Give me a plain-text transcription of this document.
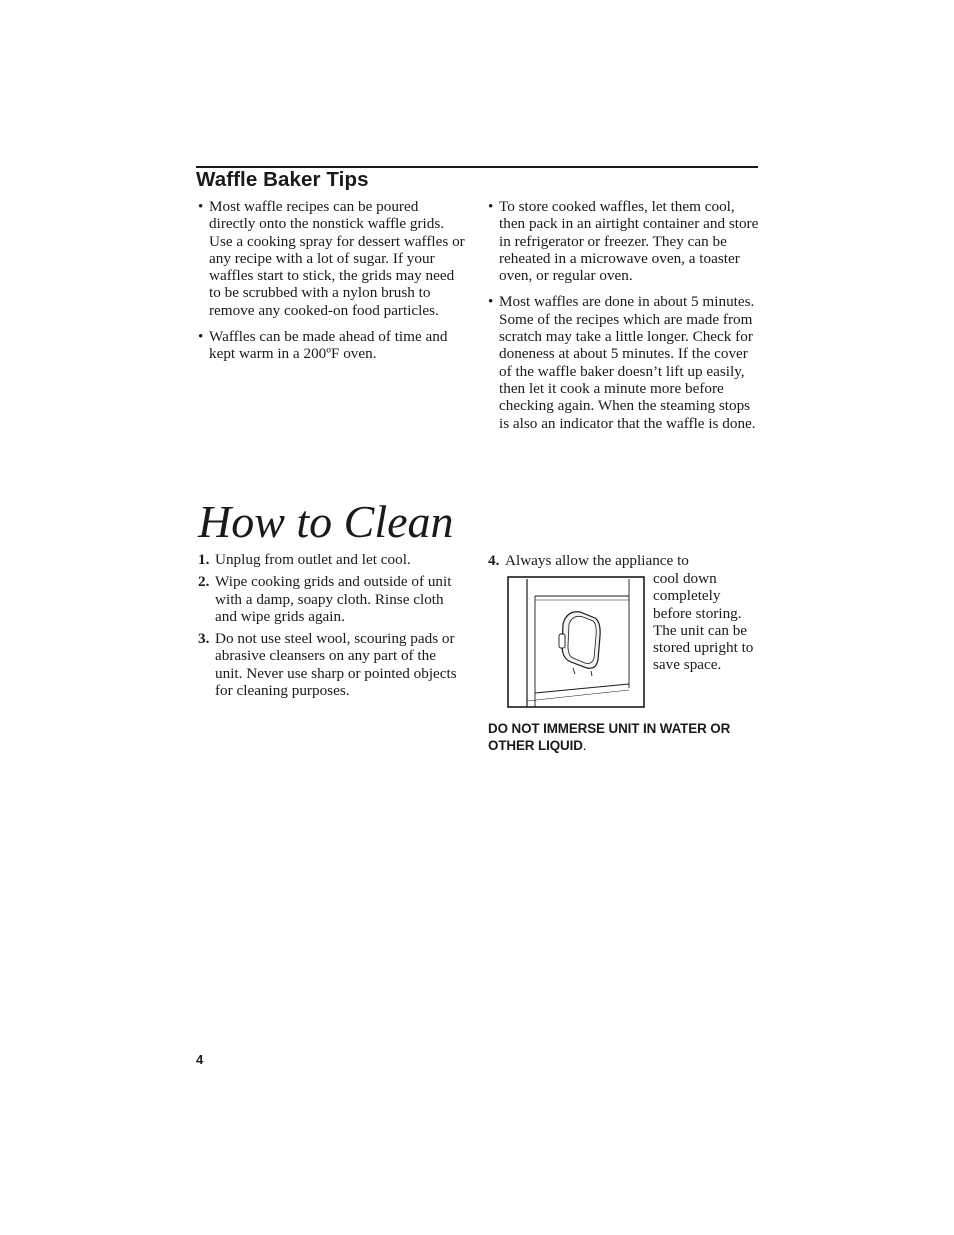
Waffle Baker Tips
• Most waffle recipes can be poured directly onto the nonstick waffle grids. Use a cooking spray for dessert waffles or any recipe with a lot of sugar. If your waffles start to stick, the grids may need to be scrubbed with a nylon brush to remove any cooked-on food particles.
• Waffles can be made ahead of time and kept warm in a 200ºF oven.
• To store cooked waffles, let them cool, then pack in an airtight container and store in refrigerator or freezer. They can be reheated in a microwave oven, a toaster oven, or regular oven.
• Most waffles are done in about 5 minutes. Some of the recipes which are made from scratch may take a little longer. Check for doneness at about 5 minutes. If the cover of the waffle baker doesn’t lift up easily, then let it cook a minute more before checking again. When the steaming stops is also an indicator that the waffle is done.
How to Clean
1. Unplug from outlet and let cool.
2. Wipe cooking grids and outside of unit with a damp, soapy cloth. Rinse cloth and wipe grids again.
3. Do not use steel wool, scouring pads or abrasive cleansers on any part of the unit. Never use sharp or pointed objects for cleaning purposes.
4. Always allow the appliance to
cool down completely before storing. The unit can be stored upright to save space.
DO NOT IMMERSE UNIT IN WATER OR OTHER LIQUID.
4
